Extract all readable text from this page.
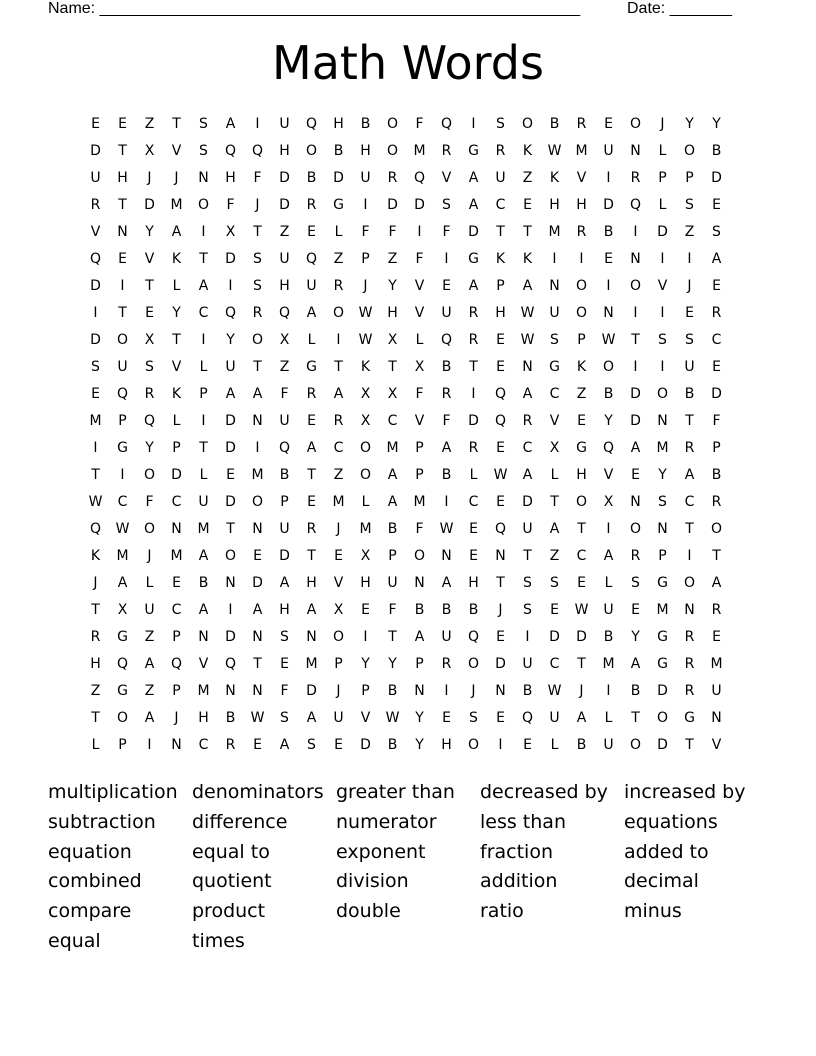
Name: ______________________________________________________	Date: _______
Math Words
E	E	Z	T	S	A	I	U	Q	H	B	O	F	Q	I	S	O	B	R	E	O	J	Y	Y
D	T	X	V	S	Q	Q	H	O	B	H	O	M	R	G	R	K	W	M	U	N	L	O	B
U	H	J	J	N	H	F	D	B	D	U	R	Q	V	A	U	Z	K	V	I	R	P	P	D
R	T	D	M	O	F	J	D	R	G	I	D	D	S	A	C	E	H	H	D	Q	L	S	E
V	N	Y	A	I	X	T	Z	E	L	F	F	I	F	D	T	T	M	R	B	I	D	Z	S
Q	E	V	K	T	D	S	U	Q	Z	P	Z	F	I	G	K	K	I	I	E	N	I	I	A
D	I	T	L	A	I	S	H	U	R	J	Y	V	E	A	P	A	N	O	I	O	V	J	E
I	T	E	Y	C	Q	R	Q	A	O	W	H	V	U	R	H	W	U	O	N	I	I	E	R
D	O	X	T	I	Y	O	X	L	I	W	X	L	Q	R	E	W	S	P	W	T	S	S	C
S	U	S	V	L	U	T	Z	G	T	K	T	X	B	T	E	N	G	K	O	I	I	U	E
E	Q	R	K	P	A	A	F	R	A	X	X	F	R	I	Q	A	C	Z	B	D	O	B	D
M	P	Q	L	I	D	N	U	E	R	X	C	V	F	D	Q	R	V	E	Y	D	N	T	F
I	G	Y	P	T	D	I	Q	A	C	O	M	P	A	R	E	C	X	G	Q	A	M	R	P
T	I	O	D	L	E	M	B	T	Z	O	A	P	B	L	W	A	L	H	V	E	Y	A	B
W	C	F	C	U	D	O	P	E	M	L	A	M	I	C	E	D	T	O	X	N	S	C	R
Q	W	O	N	M	T	N	U	R	J	M	B	F	W	E	Q	U	A	T	I	O	N	T	O
K	M	J	M	A	O	E	D	T	E	X	P	O	N	E	N	T	Z	C	A	R	P	I	T
J	A	L	E	B	N	D	A	H	V	H	U	N	A	H	T	S	S	E	L	S	G	O	A
T	X	U	C	A	I	A	H	A	X	E	F	B	B	B	J	S	E	W	U	E	M	N	R
R	G	Z	P	N	D	N	S	N	O	I	T	A	U	Q	E	I	D	D	B	Y	G	R	E
H	Q	A	Q	V	Q	T	E	M	P	Y	Y	P	R	O	D	U	C	T	M	A	G	R	M
Z	G	Z	P	M	N	N	F	D	J	P	B	N	I	J	N	B	W	J	I	B	D	R	U
T	O	A	J	H	B	W	S	A	U	V	W	Y	E	S	E	Q	U	A	L	T	O	G	N
L	P	I	N	C	R	E	A	S	E	D	B	Y	H	O	I	E	L	B	U	O	D	T	V
multiplication
subtraction
equation
combined
compare
equal
denominators
difference
equal to
quotient
product
times
greater than
numerator
exponent
division
double
decreased by
less than
fraction
addition
ratio
increased by
equations
added to
decimal
minus
